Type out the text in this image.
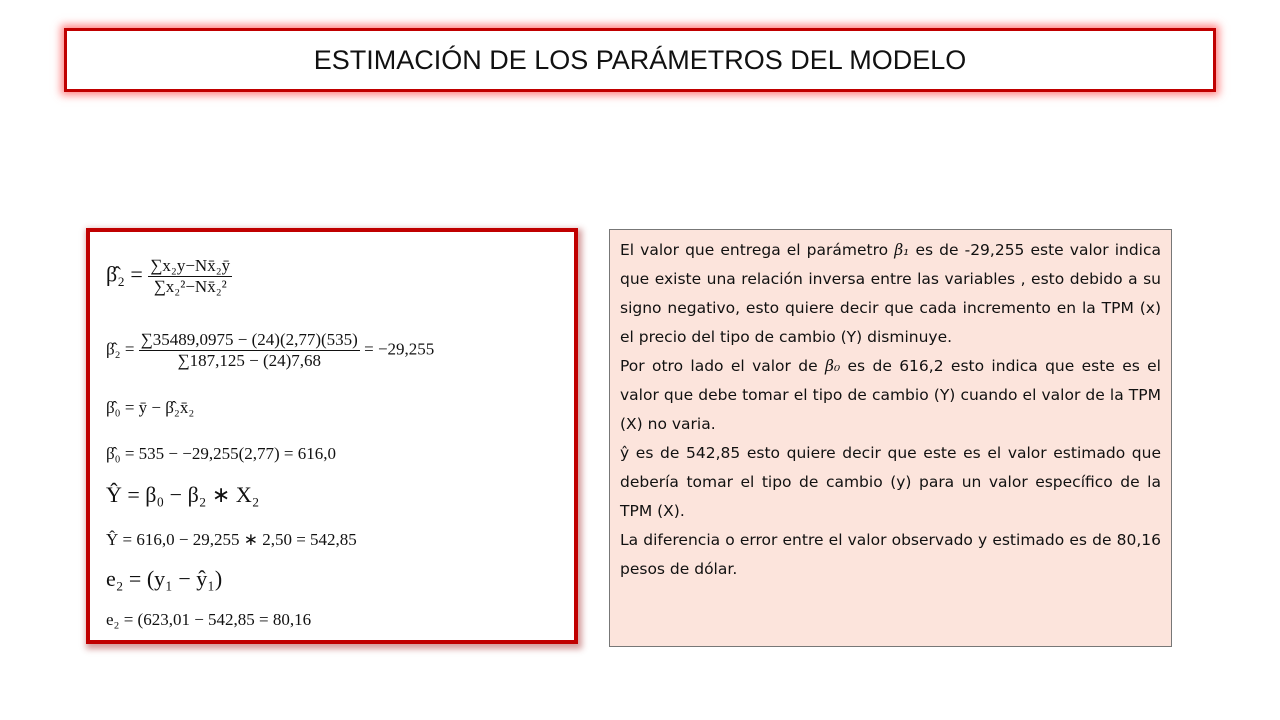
ESTIMACIÓN DE LOS PARÁMETROS DEL MODELO
β̂₂ = $\frac{\text{∑x₂y−Nx̄₂ȳ}}{\text{∑x₂²−Nx̄₂²}}$
β̂₂ = $\frac{\sum 35489,0975 - (24)(2,77)(535)}{\sum 187,125 - (24)7,68} = -29,255$
β̂₀ = ȳ − β̂₂x̄₂
β̂₀ = 535 − −29,255(2,77) = 616,0
Ŷ = β₀ − β₂ ∗ X₂
Ŷ = 616,0 − 29,255 ∗ 2,50 = 542,85
e₂ = (y₁ − ŷ₁)
e₂ = (623,01 − 542,85 = 80,16

El valor que entrega el parámetro β₁ es de -29,255 este valor indica que existe una relación inversa entre las variables , esto debido a su signo negativo, esto quiere decir que cada incremento en la TPM (x) el precio del tipo de cambio (Y) disminuye.

Por otro lado el valor de β₀ es de 616,2 esto indica que este es el valor que debe tomar el tipo de cambio (Y) cuando el valor de la TPM (X) no varia.

ŷ es de 542,85 esto quiere decir que este es el valor estimado que debería tomar el tipo de cambio (y) para un valor específico de la TPM (X).

La diferencia o error entre el valor observado y estimado es de 80,16 pesos de dólar.
